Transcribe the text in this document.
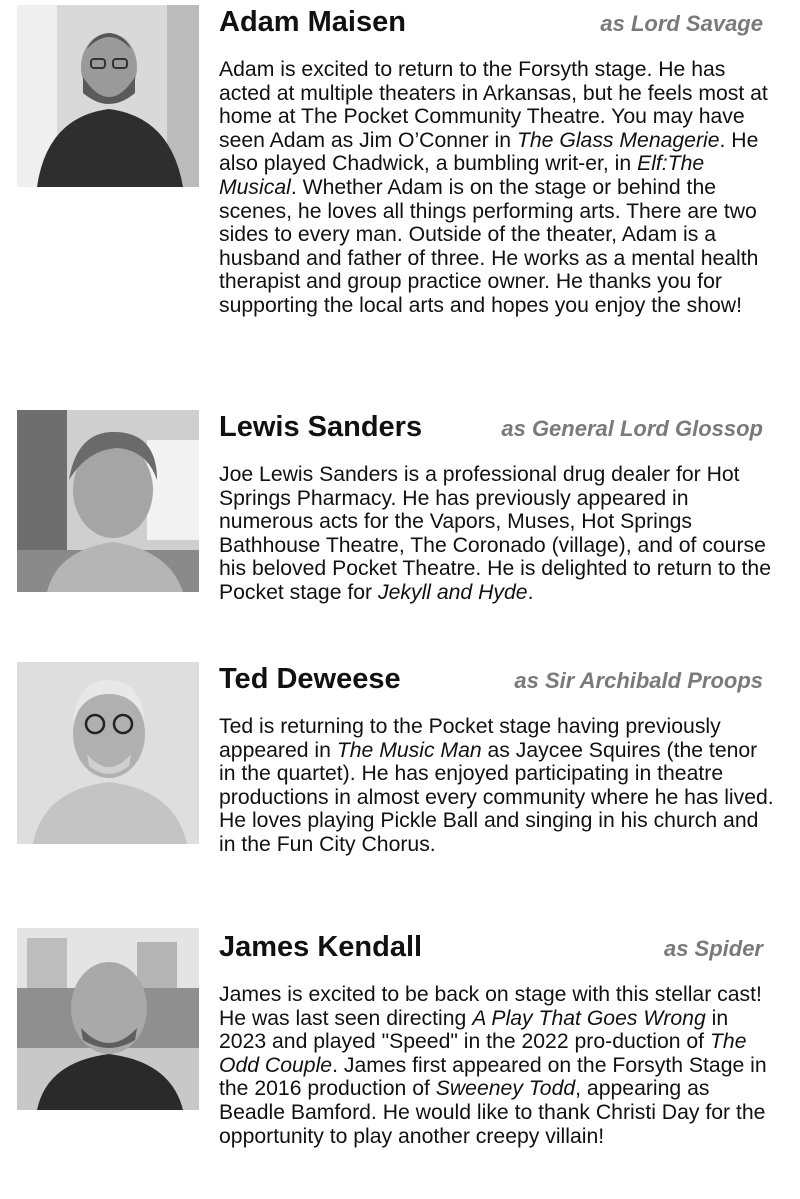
Adam Maisen	as Lord Savage
Adam is excited to return to the Forsyth stage. He has acted at multiple theaters in Arkansas, but he feels most at home at The Pocket Community Theatre. You may have seen Adam as Jim O’Conner in The Glass Menagerie. He also played Chadwick, a bumbling writ-er, in Elf:The Musical. Whether Adam is on the stage or behind the scenes, he loves all things performing arts. There are two sides to every man. Outside of the theater, Adam is a husband and father of three. He works as a mental health therapist and group practice owner. He thanks you for supporting the local arts and hopes you enjoy the show!
Lewis Sanders	as General Lord Glossop
Joe Lewis Sanders is a professional drug dealer for Hot Springs Pharmacy. He has previously appeared in numerous acts for the Vapors, Muses, Hot Springs Bathhouse Theatre, The Coronado (village), and of course his beloved Pocket Theatre. He is delighted to return to the Pocket stage for Jekyll and Hyde.
Ted Deweese	as Sir Archibald Proops
Ted is returning to the Pocket stage having previously appeared in The Music Man as Jaycee Squires (the tenor in the quartet). He has enjoyed participating in theatre productions in almost every community where he has lived. He loves playing Pickle Ball and singing in his church and in the Fun City Chorus.
James Kendall	as Spider
James is excited to be back on stage with this stellar cast! He was last seen directing A Play That Goes Wrong in 2023 and played "Speed" in the 2022 pro-duction of The Odd Couple. James first appeared on the Forsyth Stage in the 2016 production of Sweeney Todd, appearing as Beadle Bamford. He would like to thank Christi Day for the opportunity to play another creepy villain!
